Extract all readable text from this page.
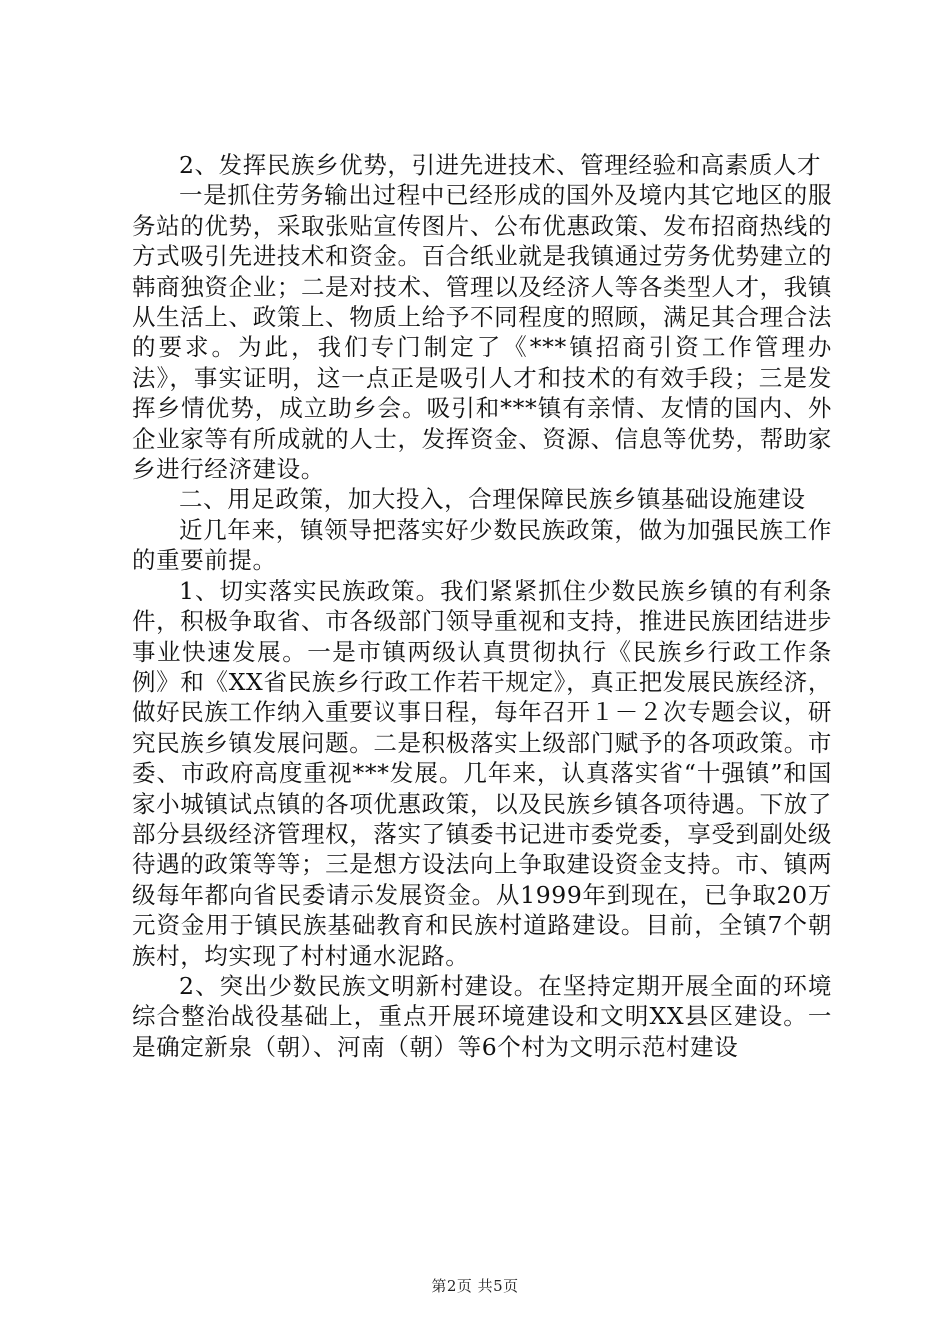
2、发挥民族乡优势，引进先进技术、管理经验和高素质人才

一是抓住劳务输出过程中已经形成的国外及境内其它地区的服务站的优势，采取张贴宣传图片、公布优惠政策、发布招商热线的方式吸引先进技术和资金。百合纸业就是我镇通过劳务优势建立的韩商独资企业；二是对技术、管理以及经济人等各类型人才，我镇从生活上、政策上、物质上给予不同程度的照顾，满足其合理合法的要求。为此，我们专门制定了《***镇招商引资工作管理办法》，事实证明，这一点正是吸引人才和技术的有效手段；三是发挥乡情优势，成立助乡会。吸引和***镇有亲情、友情的国内、外企业家等有所成就的人士，发挥资金、资源、信息等优势，帮助家乡进行经济建设。

二、用足政策，加大投入，合理保障民族乡镇基础设施建设

近几年来，镇领导把落实好少数民族政策，做为加强民族工作的重要前提。

1、切实落实民族政策。我们紧紧抓住少数民族乡镇的有利条件，积极争取省、市各级部门领导重视和支持，推进民族团结进步事业快速发展。一是市镇两级认真贯彻执行《民族乡行政工作条例》和《XX省民族乡行政工作若干规定》，真正把发展民族经济，做好民族工作纳入重要议事日程，每年召开１－２次专题会议，研究民族乡镇发展问题。二是积极落实上级部门赋予的各项政策。市委、市政府高度重视***发展。几年来，认真落实省“十强镇”和国家小城镇试点镇的各项优惠政策，以及民族乡镇各项待遇。下放了部分县级经济管理权，落实了镇委书记进市委党委，享受到副处级待遇的政策等等；三是想方设法向上争取建设资金支持。市、镇两级每年都向省民委请示发展资金。从1999年到现在，已争取20万元资金用于镇民族基础教育和民族村道路建设。目前，全镇7个朝族村，均实现了村村通水泥路。

2、突出少数民族文明新村建设。在坚持定期开展全面的环境综合整治战役基础上，重点开展环境建设和文明XX县区建设。一是确定新泉（朝）、河南（朝）等6个村为文明示范村建设

第2页 共5页
